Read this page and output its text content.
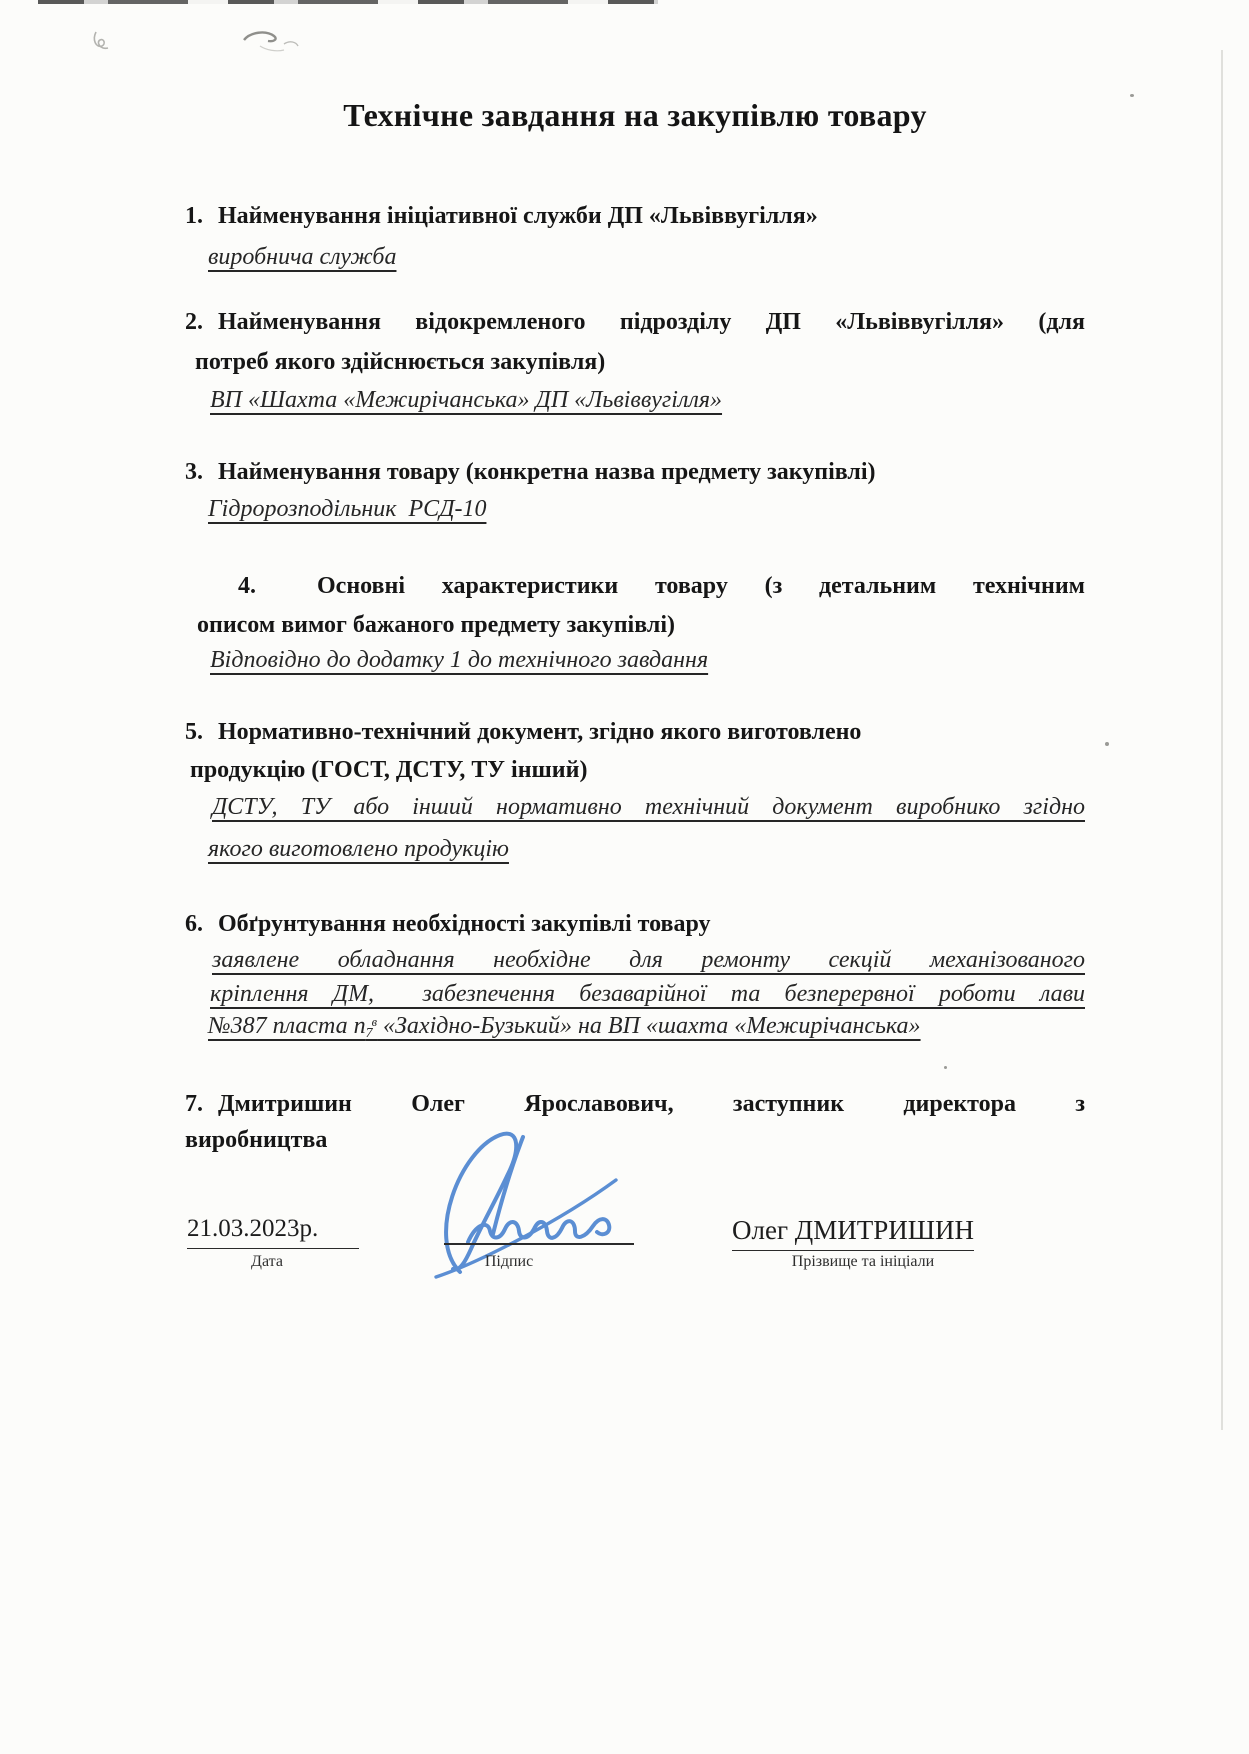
Технічне завдання на закупівлю товару
1. Найменування ініціативної служби ДП «Львіввугілля»
виробнича служба
2. Найменування відокремленого підрозділу ДП «Львіввугілля» (для
потреб якого здійснюється закупівля)
ВП «Шахта «Межирічанська» ДП «Львіввугілля»
3. Найменування товару (конкретна назва предмету закупівлі)
Гідророзподільник  РСД-10
4.	Основні характеристики товару (з детальним технічним
описом вимог бажаного предмету закупівлі)
Відповідно до додатку 1 до технічного завдання
5. Нормативно-технічний документ, згідно якого виготовлено
продукцію (ГОСТ, ДСТУ, ТУ інший)
ДСТУ, ТУ або інший нормативно технічний документ виробнико згідно
якого виготовлено продукцію
6. Обґрунтування необхідності закупівлі товару
заявлене обладнання необхідне для ремонту секцій механізованого
кріплення ДМ,  забезпечення безаварійної та безперервної роботи лави
№387 пласта $п_7^в$ «Західно-Бузький» на ВП «шахта «Межирічанська»
7. Дмитришин Олег Ярославович, заступник директора з
виробництва
21.03.2023р.
Дата	Підпис
Олег ДМИТРИШИН
Прізвище та ініціали
